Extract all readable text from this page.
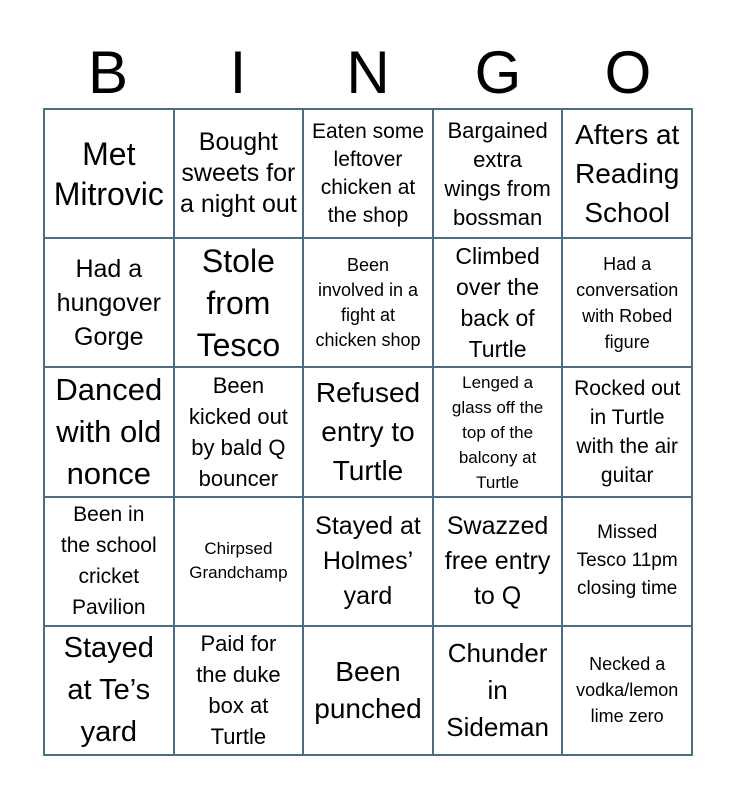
B	I	N	G	O
Met
Mitrovic
Bought
sweets for
a night out
Eaten some
leftover
chicken at
the shop
Bargained
extra
wings from
bossman
Afters at
Reading
School
Had a
hungover
Gorge
Stole
from
Tesco
Been
involved in a
fight at
chicken shop
Climbed
over the
back of
Turtle
Had a
conversation
with Robed
figure
Danced
with old
nonce
Been
kicked out
by bald Q
bouncer
Refused
entry to
Turtle
Lenged a
glass off the
top of the
balcony at
Turtle
Rocked out
in Turtle
with the air
guitar
Been in
the school
cricket
Pavilion
Chirpsed
Grandchamp
Stayed at
Holmes’
yard
Swazzed
free entry
to Q
Missed
Tesco 11pm
closing time
Stayed
at Te’s
yard
Paid for
the duke
box at
Turtle
Been
punched
Chunder
in
Sideman
Necked a
vodka/lemon
lime zero
